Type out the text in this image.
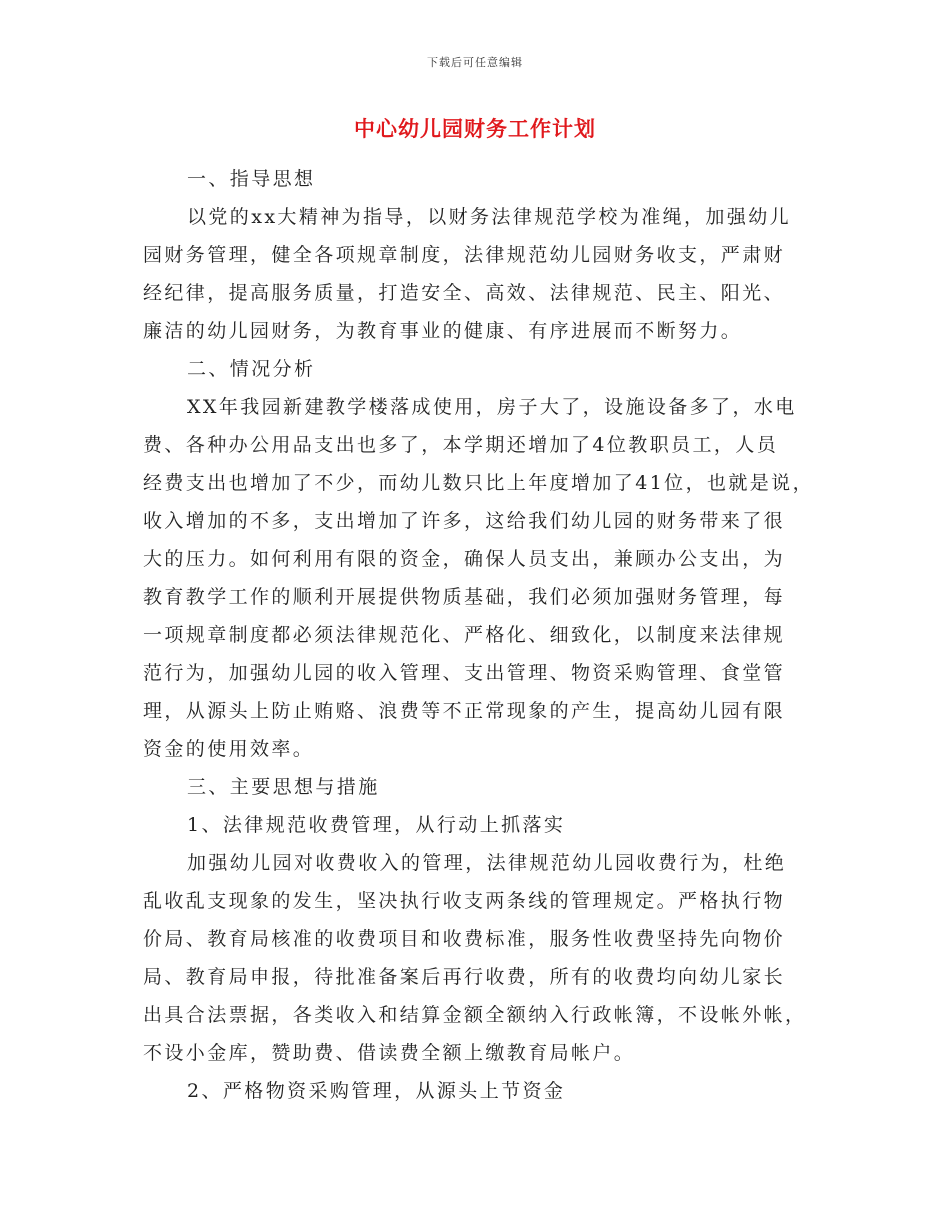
下载后可任意编辑
中心幼儿园财务工作计划
一、指导思想
以党的xx大精神为指导，以财务法律规范学校为准绳，加强幼儿
园财务管理，健全各项规章制度，法律规范幼儿园财务收支，严肃财
经纪律，提高服务质量，打造安全、高效、法律规范、民主、阳光、
廉洁的幼儿园财务，为教育事业的健康、有序进展而不断努力。
二、情况分析
XX年我园新建教学楼落成使用，房子大了，设施设备多了，水电
费、各种办公用品支出也多了，本学期还增加了4位教职员工，人员
经费支出也增加了不少，而幼儿数只比上年度增加了41位，也就是说，
收入增加的不多，支出增加了许多，这给我们幼儿园的财务带来了很
大的压力。如何利用有限的资金，确保人员支出，兼顾办公支出，为
教育教学工作的顺利开展提供物质基础，我们必须加强财务管理，每
一项规章制度都必须法律规范化、严格化、细致化，以制度来法律规
范行为，加强幼儿园的收入管理、支出管理、物资采购管理、食堂管
理，从源头上防止贿赂、浪费等不正常现象的产生，提高幼儿园有限
资金的使用效率。
三、主要思想与措施
1、法律规范收费管理，从行动上抓落实
加强幼儿园对收费收入的管理，法律规范幼儿园收费行为，杜绝
乱收乱支现象的发生，坚决执行收支两条线的管理规定。严格执行物
价局、教育局核准的收费项目和收费标准，服务性收费坚持先向物价
局、教育局申报，待批准备案后再行收费，所有的收费均向幼儿家长
出具合法票据，各类收入和结算金额全额纳入行政帐簿，不设帐外帐，
不设小金库，赞助费、借读费全额上缴教育局帐户。
2、严格物资采购管理，从源头上节资金
